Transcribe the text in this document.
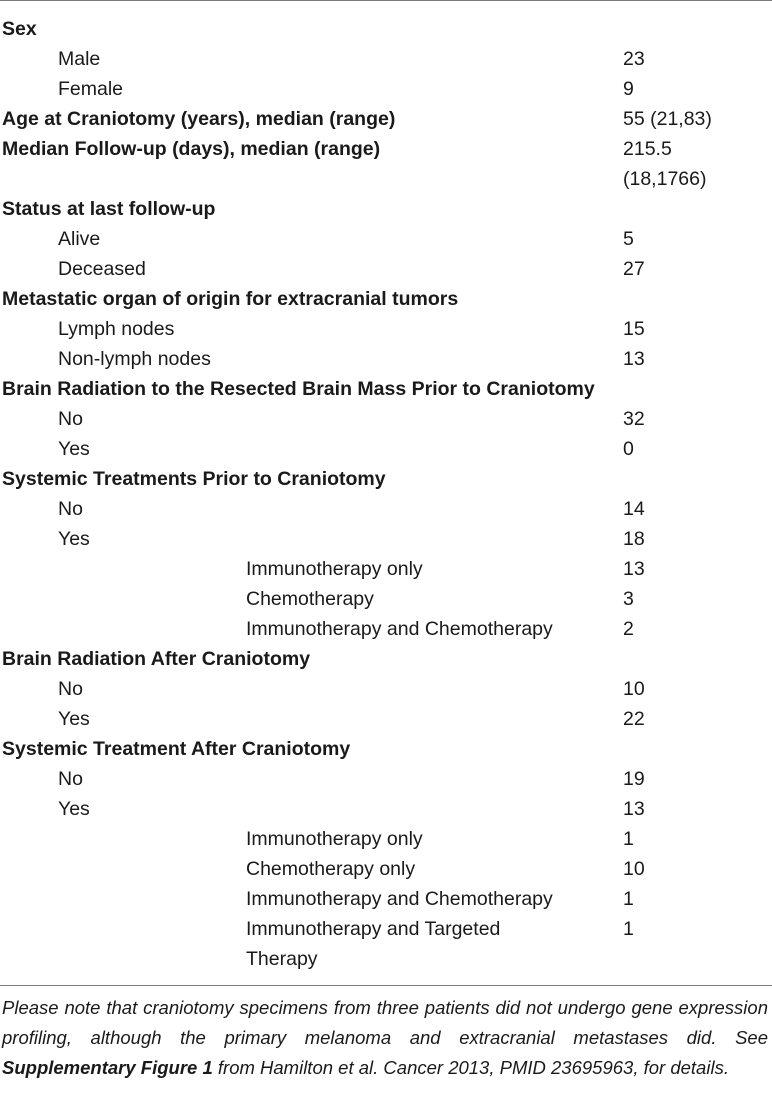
Sex
Male	23
Female	9
Age at Craniotomy (years), median (range)	55 (21,83)
Median Follow-up (days), median (range)	215.5
(18,1766)
Status at last follow-up
Alive	5
Deceased	27
Metastatic organ of origin for extracranial tumors
Lymph nodes	15
Non-lymph nodes	13
Brain Radiation to the Resected Brain Mass Prior to Craniotomy
No	32
Yes	0
Systemic Treatments Prior to Craniotomy
No	14
Yes	18
Immunotherapy only	13
Chemotherapy	3
Immunotherapy and Chemotherapy	2
Brain Radiation After Craniotomy
No	10
Yes	22
Systemic Treatment After Craniotomy
No	19
Yes	13
Immunotherapy only	1
Chemotherapy only	10
Immunotherapy and Chemotherapy	1
Immunotherapy and Targeted	1
Therapy
Please note that craniotomy specimens from three patients did not undergo gene expression profiling, although the primary melanoma and extracranial metastases did. See Supplementary Figure 1 from Hamilton et al. Cancer 2013, PMID 23695963, for details.
